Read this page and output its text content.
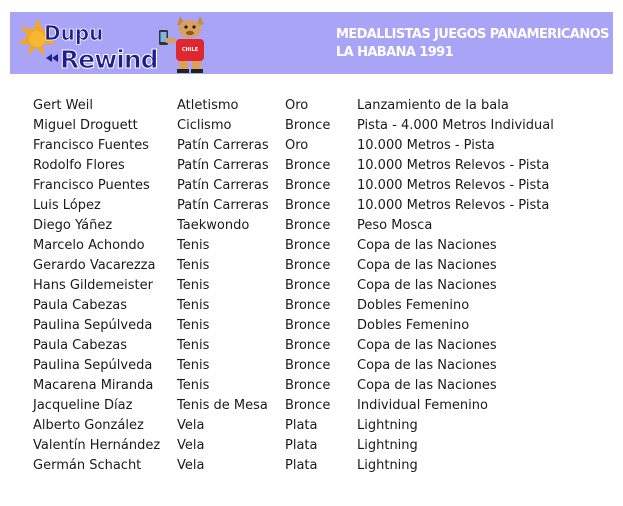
Dupu
Rewind	CHILE
MEDALLISTAS JUEGOS PANAMERICANOS
LA HABANA 1991
Gert Weil	Atletismo	Oro	Lanzamiento de la bala
Miguel Droguett	Ciclismo	Bronce	Pista - 4.000 Metros Individual
Francisco Fuentes	Patín Carreras	Oro	10.000 Metros - Pista
Rodolfo Flores	Patín Carreras	Bronce	10.000 Metros Relevos - Pista
Francisco Puentes	Patín Carreras	Bronce	10.000 Metros Relevos - Pista
Luis López	Patín Carreras	Bronce	10.000 Metros Relevos - Pista
Diego Yáñez	Taekwondo	Bronce	Peso Mosca
Marcelo Achondo	Tenis	Bronce	Copa de las Naciones
Gerardo Vacarezza	Tenis	Bronce	Copa de las Naciones
Hans Gildemeister	Tenis	Bronce	Copa de las Naciones
Paula Cabezas	Tenis	Bronce	Dobles Femenino
Paulina Sepúlveda	Tenis	Bronce	Dobles Femenino
Paula Cabezas	Tenis	Bronce	Copa de las Naciones
Paulina Sepúlveda	Tenis	Bronce	Copa de las Naciones
Macarena Miranda	Tenis	Bronce	Copa de las Naciones
Jacqueline Díaz	Tenis de Mesa	Bronce	Individual Femenino
Alberto González	Vela	Plata	Lightning
Valentín Hernández	Vela	Plata	Lightning
Germán Schacht	Vela	Plata	Lightning
